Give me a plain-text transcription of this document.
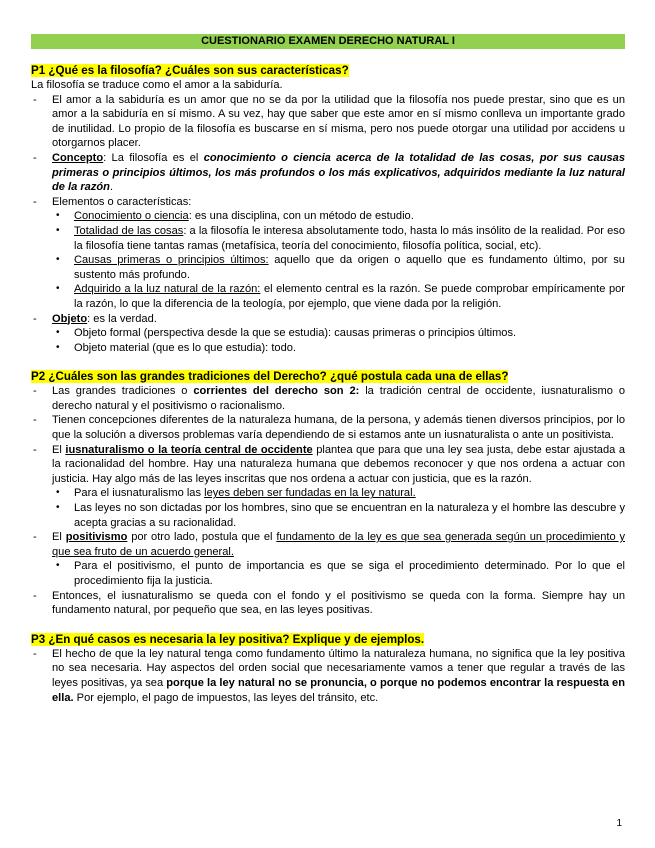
CUESTIONARIO EXAMEN DERECHO NATURAL I

P1 ¿Qué es la filosofía? ¿Cuáles son sus características?

La filosofía se traduce como el amor a la sabiduría.

- El amor a la sabiduría es un amor que no se da por la utilidad que la filosofía nos puede prestar, sino que es un amor a la sabiduría en sí mismo. A su vez, hay que saber que este amor en sí mismo conlleva un importante grado de inutilidad. Lo propio de la filosofía es buscarse en sí misma, pero nos puede otorgar una utilidad por accidens u otorgarnos placer.

- Concepto: La filosofía es el conocimiento o ciencia acerca de la totalidad de las cosas, por sus causas primeras o principios últimos, los más profundos o los más explicativos, adquiridos mediante la luz natural de la razón.

- Elementos o características:

• Conocimiento o ciencia: es una disciplina, con un método de estudio.

• Totalidad de las cosas: a la filosofía le interesa absolutamente todo, hasta lo más insólito de la realidad. Por eso la filosofía tiene tantas ramas (metafísica, teoría del conocimiento, filosofía política, social, etc).

• Causas primeras o principios últimos: aquello que da origen o aquello que es fundamento último, por su sustento más profundo.

• Adquirido a la luz natural de la razón: el elemento central es la razón. Se puede comprobar empíricamente por la razón, lo que la diferencia de la teología, por ejemplo, que viene dada por la religión.

- Objeto: es la verdad.

• Objeto formal (perspectiva desde la que se estudia): causas primeras o principios últimos.

• Objeto material (que es lo que estudia): todo.

P2 ¿Cuáles son las grandes tradiciones del Derecho? ¿qué postula cada una de ellas?

- Las grandes tradiciones o corrientes del derecho son 2: la tradición central de occidente, iusnaturalismo o derecho natural y el positivismo o racionalismo.

- Tienen concepciones diferentes de la naturaleza humana, de la persona, y además tienen diversos principios, por lo que la solución a diversos problemas varía dependiendo de si estamos ante un iusnaturalista o ante un positivista.

- El iusnaturalismo o la teoría central de occidente plantea que para que una ley sea justa, debe estar ajustada a la racionalidad del hombre. Hay una naturaleza humana que debemos reconocer y que nos ordena a actuar con justicia. Hay algo más de las leyes inscritas que nos ordena a actuar con justicia, que es la razón.

• Para el iusnaturalismo las leyes deben ser fundadas en la ley natural.

• Las leyes no son dictadas por los hombres, sino que se encuentran en la naturaleza y el hombre las descubre y acepta gracias a su racionalidad.

- El positivismo por otro lado, postula que el fundamento de la ley es que sea generada según un procedimiento y que sea fruto de un acuerdo general.

• Para el positivismo, el punto de importancia es que se siga el procedimiento determinado. Por lo que el procedimiento fija la justicia.

- Entonces, el iusnaturalismo se queda con el fondo y el positivismo se queda con la forma. Siempre hay un fundamento natural, por pequeño que sea, en las leyes positivas.

P3 ¿En qué casos es necesaria la ley positiva? Explique y de ejemplos.

- El hecho de que la ley natural tenga como fundamento último la naturaleza humana, no significa que la ley positiva no sea necesaria. Hay aspectos del orden social que necesariamente vamos a tener que regular a través de las leyes positivas, ya sea porque la ley natural no se pronuncia, o porque no podemos encontrar la respuesta en ella. Por ejemplo, el pago de impuestos, las leyes del tránsito, etc.

1
